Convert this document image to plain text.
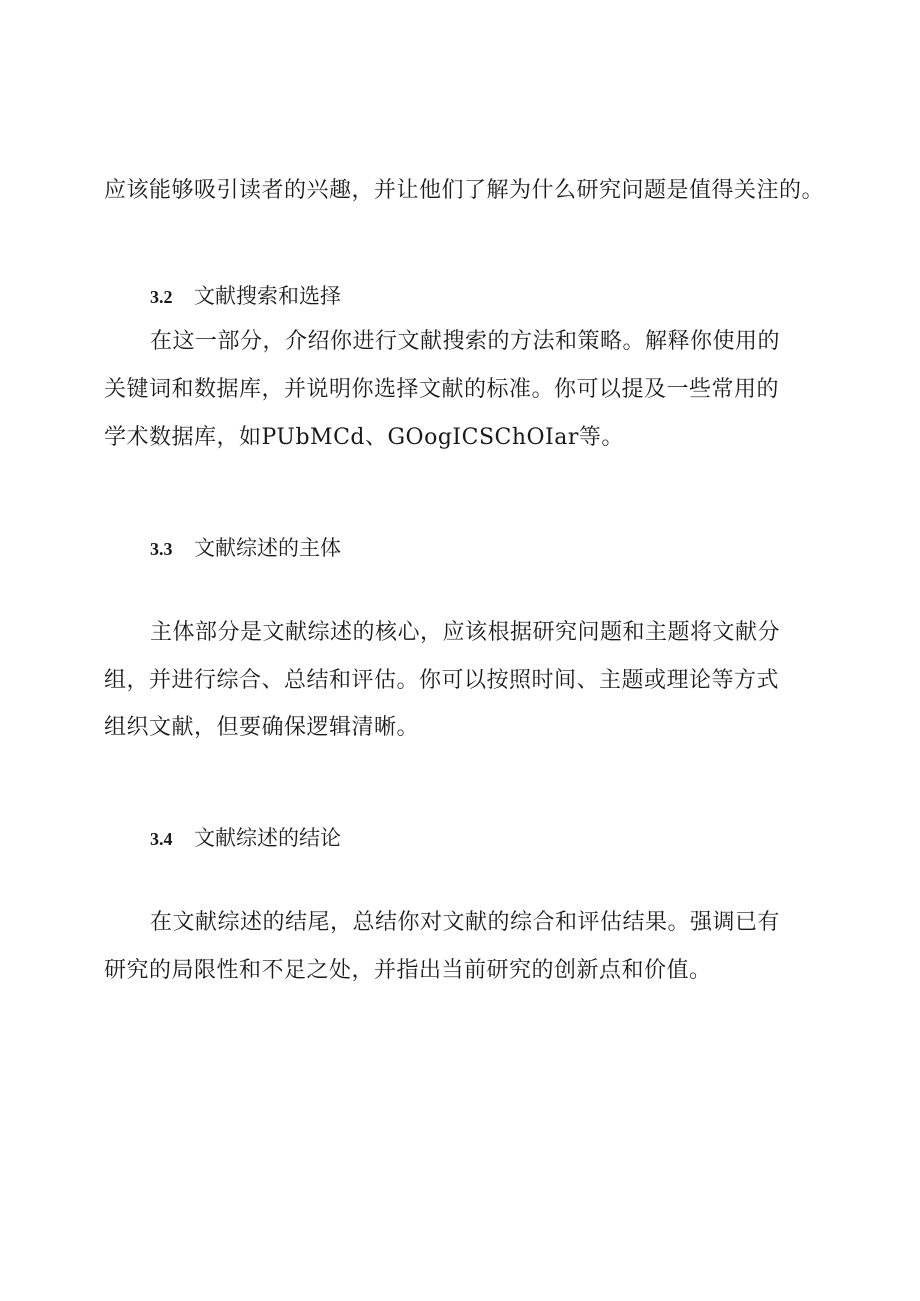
应该能够吸引读者的兴趣，并让他们了解为什么研究问题是值得关注的。
3.2 文献搜索和选择
在这一部分，介绍你进行文献搜索的方法和策略。解释你使用的
关键词和数据库，并说明你选择文献的标准。你可以提及一些常用的
学术数据库，如PUbMCd、GOogICSChOIar等。
3.3 文献综述的主体
主体部分是文献综述的核心，应该根据研究问题和主题将文献分
组，并进行综合、总结和评估。你可以按照时间、主题或理论等方式
组织文献，但要确保逻辑清晰。
3.4 文献综述的结论
在文献综述的结尾，总结你对文献的综合和评估结果。强调已有
研究的局限性和不足之处，并指出当前研究的创新点和价值。
